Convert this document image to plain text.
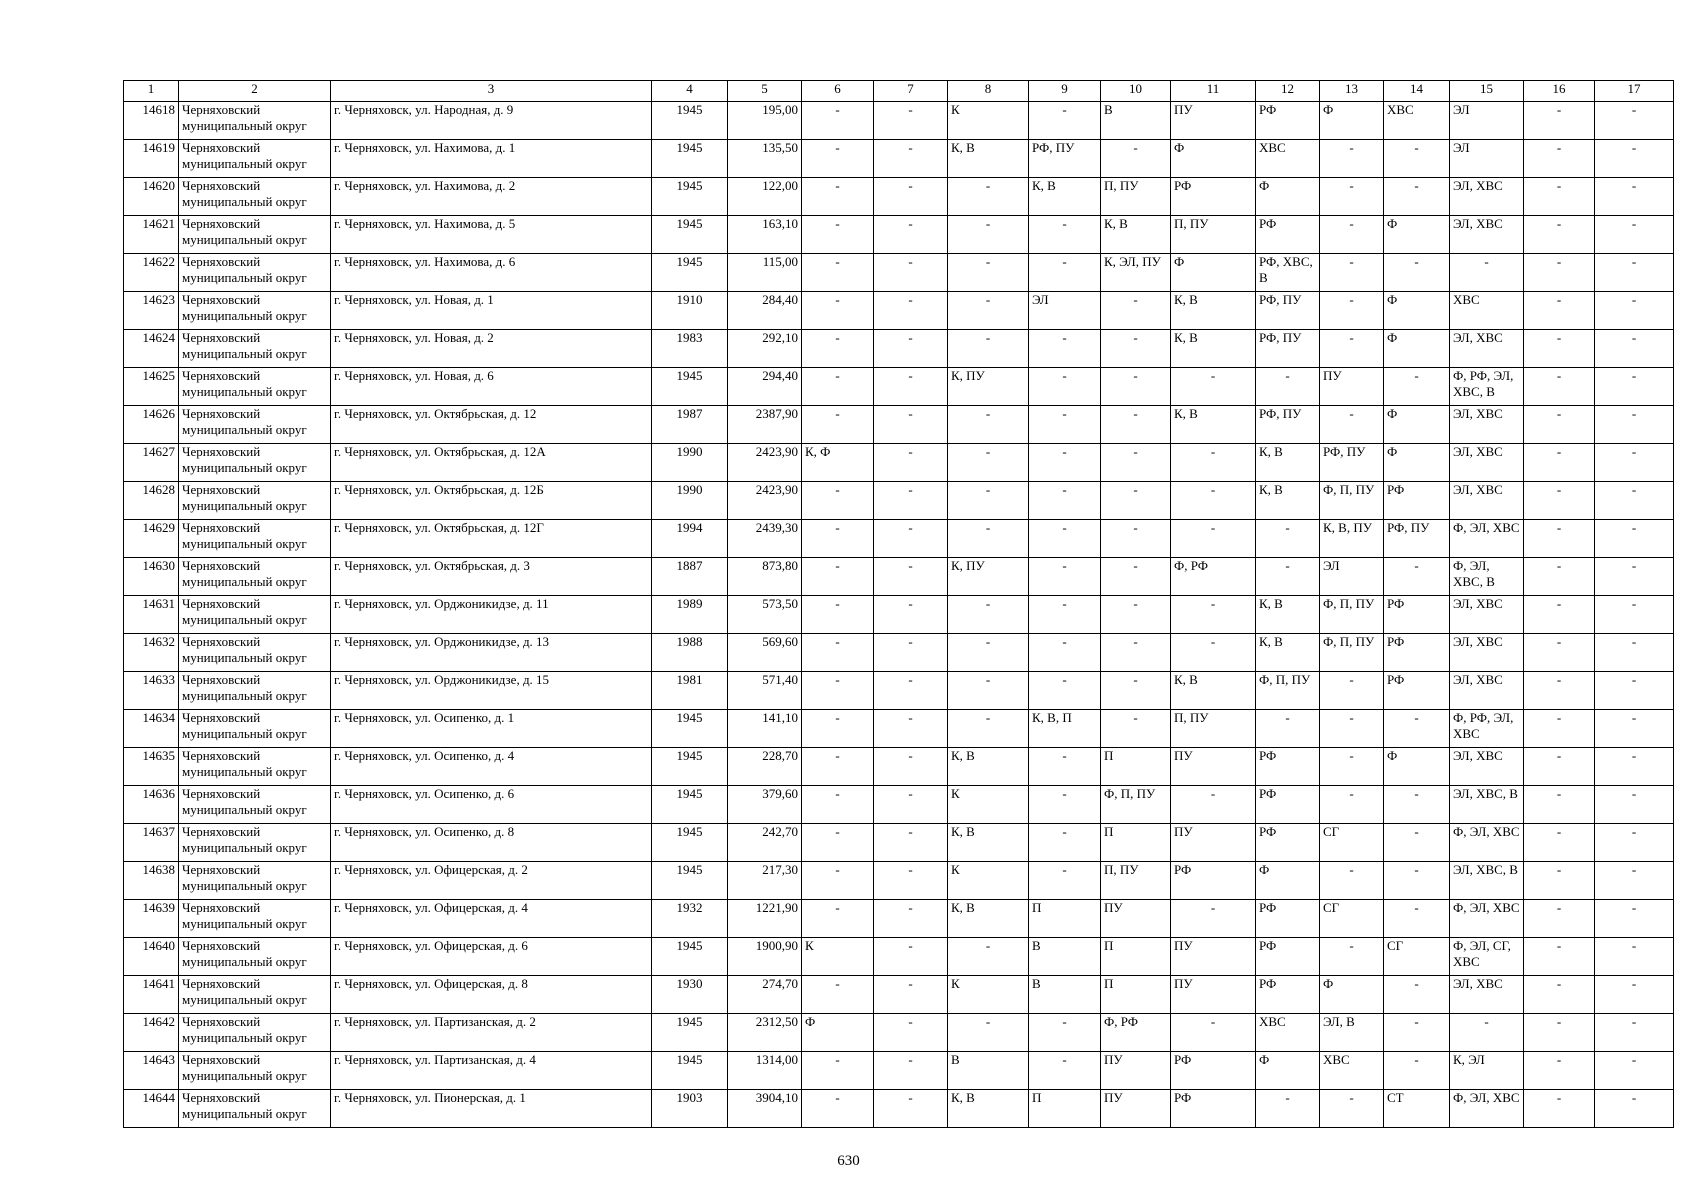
1	2	3	4	5	6	7	8	9	10	11	12	13	14	15	16	17
14618	Черняховский муниципальный округ	г. Черняховск, ул. Народная, д. 9	1945	195,00	-	-	К	-	В	ПУ	РФ	Ф	ХВС	ЭЛ	-	-
14619	Черняховский муниципальный округ	г. Черняховск, ул. Нахимова, д. 1	1945	135,50	-	-	К, В	РФ, ПУ	-	Ф	ХВС	-	-	ЭЛ	-	-
14620	Черняховский муниципальный округ	г. Черняховск, ул. Нахимова, д. 2	1945	122,00	-	-	-	К, В	П, ПУ	РФ	Ф	-	-	ЭЛ, ХВС	-	-
14621	Черняховский муниципальный округ	г. Черняховск, ул. Нахимова, д. 5	1945	163,10	-	-	-	-	К, В	П, ПУ	РФ	-	Ф	ЭЛ, ХВС	-	-
14622	Черняховский муниципальный округ	г. Черняховск, ул. Нахимова, д. 6	1945	115,00	-	-	-	-	К, ЭЛ, ПУ	Ф	РФ, ХВС, В	-	-	-	-	-
14623	Черняховский муниципальный округ	г. Черняховск, ул. Новая, д. 1	1910	284,40	-	-	-	ЭЛ	-	К, В	РФ, ПУ	-	Ф	ХВС	-	-
14624	Черняховский муниципальный округ	г. Черняховск, ул. Новая, д. 2	1983	292,10	-	-	-	-	-	К, В	РФ, ПУ	-	Ф	ЭЛ, ХВС	-	-
14625	Черняховский муниципальный округ	г. Черняховск, ул. Новая, д. 6	1945	294,40	-	-	К, ПУ	-	-	-	-	ПУ	-	Ф, РФ, ЭЛ, ХВС, В	-	-
14626	Черняховский муниципальный округ	г. Черняховск, ул. Октябрьская, д. 12	1987	2387,90	-	-	-	-	-	К, В	РФ, ПУ	-	Ф	ЭЛ, ХВС	-	-
14627	Черняховский муниципальный округ	г. Черняховск, ул. Октябрьская, д. 12А	1990	2423,90	К, Ф	-	-	-	-	-	К, В	РФ, ПУ	Ф	ЭЛ, ХВС	-	-
14628	Черняховский муниципальный округ	г. Черняховск, ул. Октябрьская, д. 12Б	1990	2423,90	-	-	-	-	-	-	К, В	Ф, П, ПУ	РФ	ЭЛ, ХВС	-	-
14629	Черняховский муниципальный округ	г. Черняховск, ул. Октябрьская, д. 12Г	1994	2439,30	-	-	-	-	-	-	-	К, В, ПУ	РФ, ПУ	Ф, ЭЛ, ХВС	-	-
14630	Черняховский муниципальный округ	г. Черняховск, ул. Октябрьская, д. 3	1887	873,80	-	-	К, ПУ	-	-	Ф, РФ	-	ЭЛ	-	Ф, ЭЛ, ХВС, В	-	-
14631	Черняховский муниципальный округ	г. Черняховск, ул. Орджоникидзе, д. 11	1989	573,50	-	-	-	-	-	-	К, В	Ф, П, ПУ	РФ	ЭЛ, ХВС	-	-
14632	Черняховский муниципальный округ	г. Черняховск, ул. Орджоникидзе, д. 13	1988	569,60	-	-	-	-	-	-	К, В	Ф, П, ПУ	РФ	ЭЛ, ХВС	-	-
14633	Черняховский муниципальный округ	г. Черняховск, ул. Орджоникидзе, д. 15	1981	571,40	-	-	-	-	-	К, В	Ф, П, ПУ	-	РФ	ЭЛ, ХВС	-	-
14634	Черняховский муниципальный округ	г. Черняховск, ул. Осипенко, д. 1	1945	141,10	-	-	-	К, В, П	-	П, ПУ	-	-	-	Ф, РФ, ЭЛ, ХВС	-	-
14635	Черняховский муниципальный округ	г. Черняховск, ул. Осипенко, д. 4	1945	228,70	-	-	К, В	-	П	ПУ	РФ	-	Ф	ЭЛ, ХВС	-	-
14636	Черняховский муниципальный округ	г. Черняховск, ул. Осипенко, д. 6	1945	379,60	-	-	К	-	Ф, П, ПУ	-	РФ	-	-	ЭЛ, ХВС, В	-	-
14637	Черняховский муниципальный округ	г. Черняховск, ул. Осипенко, д. 8	1945	242,70	-	-	К, В	-	П	ПУ	РФ	СГ	-	Ф, ЭЛ, ХВС	-	-
14638	Черняховский муниципальный округ	г. Черняховск, ул. Офицерская, д. 2	1945	217,30	-	-	К	-	П, ПУ	РФ	Ф	-	-	ЭЛ, ХВС, В	-	-
14639	Черняховский муниципальный округ	г. Черняховск, ул. Офицерская, д. 4	1932	1221,90	-	-	К, В	П	ПУ	-	РФ	СГ	-	Ф, ЭЛ, ХВС	-	-
14640	Черняховский муниципальный округ	г. Черняховск, ул. Офицерская, д. 6	1945	1900,90	К	-	-	В	П	ПУ	РФ	-	СГ	Ф, ЭЛ, СГ, ХВС	-	-
14641	Черняховский муниципальный округ	г. Черняховск, ул. Офицерская, д. 8	1930	274,70	-	-	К	В	П	ПУ	РФ	Ф	-	ЭЛ, ХВС	-	-
14642	Черняховский муниципальный округ	г. Черняховск, ул. Партизанская, д. 2	1945	2312,50	Ф	-	-	-	Ф, РФ	-	ХВС	ЭЛ, В	-	-	-	-
14643	Черняховский муниципальный округ	г. Черняховск, ул. Партизанская, д. 4	1945	1314,00	-	-	В	-	ПУ	РФ	Ф	ХВС	-	К, ЭЛ	-	-
14644	Черняховский муниципальный округ	г. Черняховск, ул. Пионерская, д. 1	1903	3904,10	-	-	К, В	П	ПУ	РФ	-	-	СТ	Ф, ЭЛ, ХВС	-	-
630
